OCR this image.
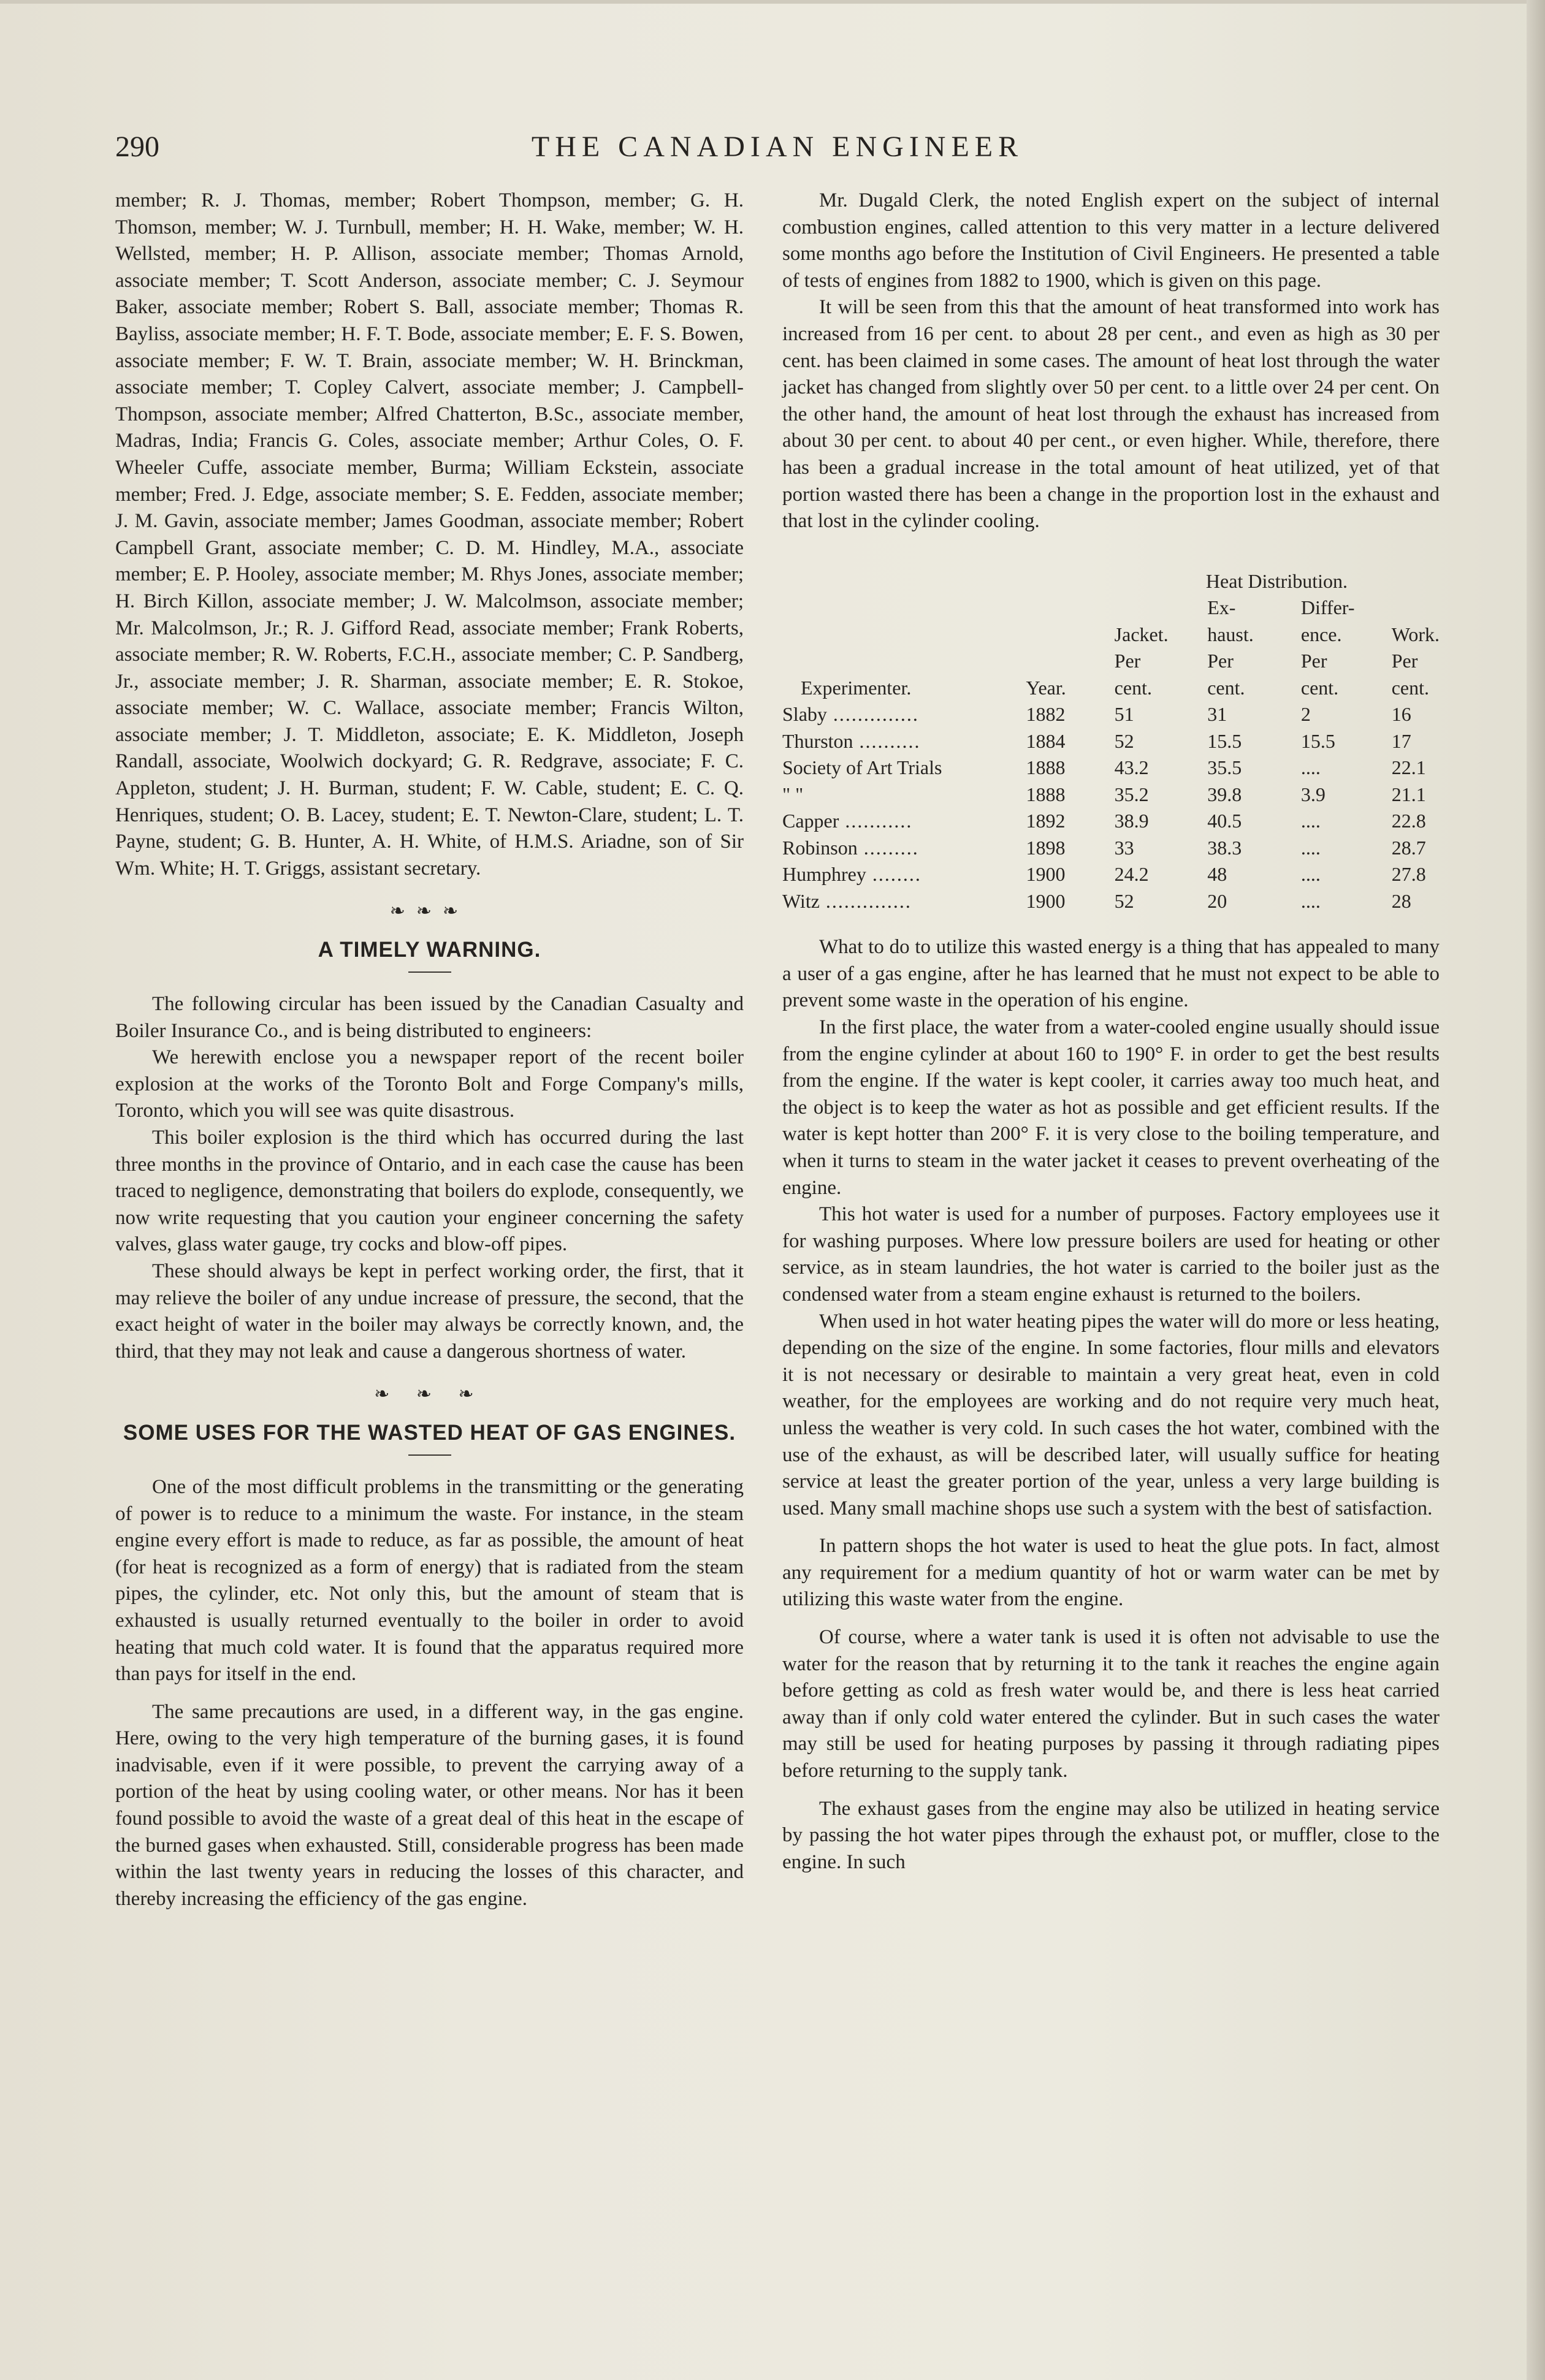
290	THE CANADIAN ENGINEER

member; R. J. Thomas, member; Robert Thompson, member; G. H. Thomson, member; W. J. Turnbull, member; H. H. Wake, member; W. H. Wellsted, member; H. P. Allison, associate member; Thomas Arnold, associate member; T. Scott Anderson, associate member; C. J. Seymour Baker, associate member; Robert S. Ball, associate member; Thomas R. Bayliss, associate member; H. F. T. Bode, associate member; E. F. S. Bowen, associate member; F. W. T. Brain, associate member; W. H. Brinckman, associate member; T. Copley Calvert, associate member; J. Campbell-Thompson, associate member; Alfred Chatterton, B.Sc., associate member, Madras, India; Francis G. Coles, associate member; Arthur Coles, O. F. Wheeler Cuffe, associate member, Burma; William Eckstein, associate member; Fred. J. Edge, associate member; S. E. Fedden, associate member; J. M. Gavin, associate member; James Goodman, associate member; Robert Campbell Grant, associate member; C. D. M. Hindley, M.A., associate member; E. P. Hooley, associate member; M. Rhys Jones, associate member; H. Birch Killon, associate member; J. W. Malcolmson, associate member; Mr. Malcolmson, Jr.; R. J. Gifford Read, associate member; Frank Roberts, associate member; R. W. Roberts, F.C.H., associate member; C. P. Sandberg, Jr., associate member; J. R. Sharman, associate member; E. R. Stokoe, associate member; W. C. Wallace, associate member; Francis Wilton, associate member; J. T. Middleton, associate; E. K. Middleton, Joseph Randall, associate, Woolwich dockyard; G. R. Redgrave, associate; F. C. Appleton, student; J. H. Burman, student; F. W. Cable, student; E. C. Q. Henriques, student; O. B. Lacey, student; E. T. Newton-Clare, student; L. T. Payne, student; G. B. Hunter, A. H. White, of H.M.S. Ariadne, son of Sir Wm. White; H. T. Griggs, assistant secretary.

❧❧❧
A TIMELY WARNING.

The following circular has been issued by the Canadian Casualty and Boiler Insurance Co., and is being distributed to engineers:

We herewith enclose you a newspaper report of the recent boiler explosion at the works of the Toronto Bolt and Forge Company's mills, Toronto, which you will see was quite disastrous.

This boiler explosion is the third which has occurred during the last three months in the province of Ontario, and in each case the cause has been traced to negligence, demonstrating that boilers do explode, consequently, we now write requesting that you caution your engineer concerning the safety valves, glass water gauge, try cocks and blow-off pipes.

These should always be kept in perfect working order, the first, that it may relieve the boiler of any undue increase of pressure, the second, that the exact height of water in the boiler may always be correctly known, and, the third, that they may not leak and cause a dangerous shortness of water.

❧ ❧ ❧
SOME USES FOR THE WASTED HEAT OF GAS ENGINES.

One of the most difficult problems in the transmitting or the generating of power is to reduce to a minimum the waste. For instance, in the steam engine every effort is made to reduce, as far as possible, the amount of heat (for heat is recognized as a form of energy) that is radiated from the steam pipes, the cylinder, etc. Not only this, but the amount of steam that is exhausted is usually returned eventually to the boiler in order to avoid heating that much cold water. It is found that the apparatus required more than pays for itself in the end.

The same precautions are used, in a different way, in the gas engine. Here, owing to the very high temperature of the burning gases, it is found inadvisable, even if it were possible, to prevent the carrying away of a portion of the heat by using cooling water, or other means. Nor has it been found possible to avoid the waste of a great deal of this heat in the escape of the burned gases when exhausted. Still, considerable progress has been made within the last twenty years in reducing the losses of this character, and thereby increasing the efficiency of the gas engine.

Mr. Dugald Clerk, the noted English expert on the subject of internal combustion engines, called attention to this very matter in a lecture delivered some months ago before the Institution of Civil Engineers. He presented a table of tests of engines from 1882 to 1900, which is given on this page.

It will be seen from this that the amount of heat transformed into work has increased from 16 per cent. to about 28 per cent., and even as high as 30 per cent. has been claimed in some cases. The amount of heat lost through the water jacket has changed from slightly over 50 per cent. to a little over 24 per cent. On the other hand, the amount of heat lost through the exhaust has increased from about 30 per cent. to about 40 per cent., or even higher. While, therefore, there has been a gradual increase in the total amount of heat utilized, yet of that portion wasted there has been a change in the proportion lost in the exhaust and that lost in the cylinder cooling.

Heat Distribution.
			Ex-	Differ-	
		Jacket.	haust.	ence.	Work.
		Per	Per	Per	Per
Experimenter.	Year.	cent.	cent.	cent.	cent.
Slaby ..............	1882	51	31	2	16
Thurston ..........	1884	52	15.5	15.5	17
Society of Art Trials	1888	43.2	35.5	....	22.1
" "	1888	35.2	39.8	3.9	21.1
Capper ...........	1892	38.9	40.5	....	22.8
Robinson .........	1898	33	38.3	....	28.7
Humphrey ........	1900	24.2	48	....	27.8
Witz ..............	1900	52	20	....	28

What to do to utilize this wasted energy is a thing that has appealed to many a user of a gas engine, after he has learned that he must not expect to be able to prevent some waste in the operation of his engine.

In the first place, the water from a water-cooled engine usually should issue from the engine cylinder at about 160 to 190° F. in order to get the best results from the engine. If the water is kept cooler, it carries away too much heat, and the object is to keep the water as hot as possible and get efficient results. If the water is kept hotter than 200° F. it is very close to the boiling temperature, and when it turns to steam in the water jacket it ceases to prevent overheating of the engine.

This hot water is used for a number of purposes. Factory employees use it for washing purposes. Where low pressure boilers are used for heating or other service, as in steam laundries, the hot water is carried to the boiler just as the condensed water from a steam engine exhaust is returned to the boilers.

When used in hot water heating pipes the water will do more or less heating, depending on the size of the engine. In some factories, flour mills and elevators it is not necessary or desirable to maintain a very great heat, even in cold weather, for the employees are working and do not require very much heat, unless the weather is very cold. In such cases the hot water, combined with the use of the exhaust, as will be described later, will usually suffice for heating service at least the greater portion of the year, unless a very large building is used. Many small machine shops use such a system with the best of satisfaction.

In pattern shops the hot water is used to heat the glue pots. In fact, almost any requirement for a medium quantity of hot or warm water can be met by utilizing this waste water from the engine.

Of course, where a water tank is used it is often not advisable to use the water for the reason that by returning it to the tank it reaches the engine again before getting as cold as fresh water would be, and there is less heat carried away than if only cold water entered the cylinder. But in such cases the water may still be used for heating purposes by passing it through radiating pipes before returning to the supply tank.

The exhaust gases from the engine may also be utilized in heating service by passing the hot water pipes through the exhaust pot, or muffler, close to the engine. In such
